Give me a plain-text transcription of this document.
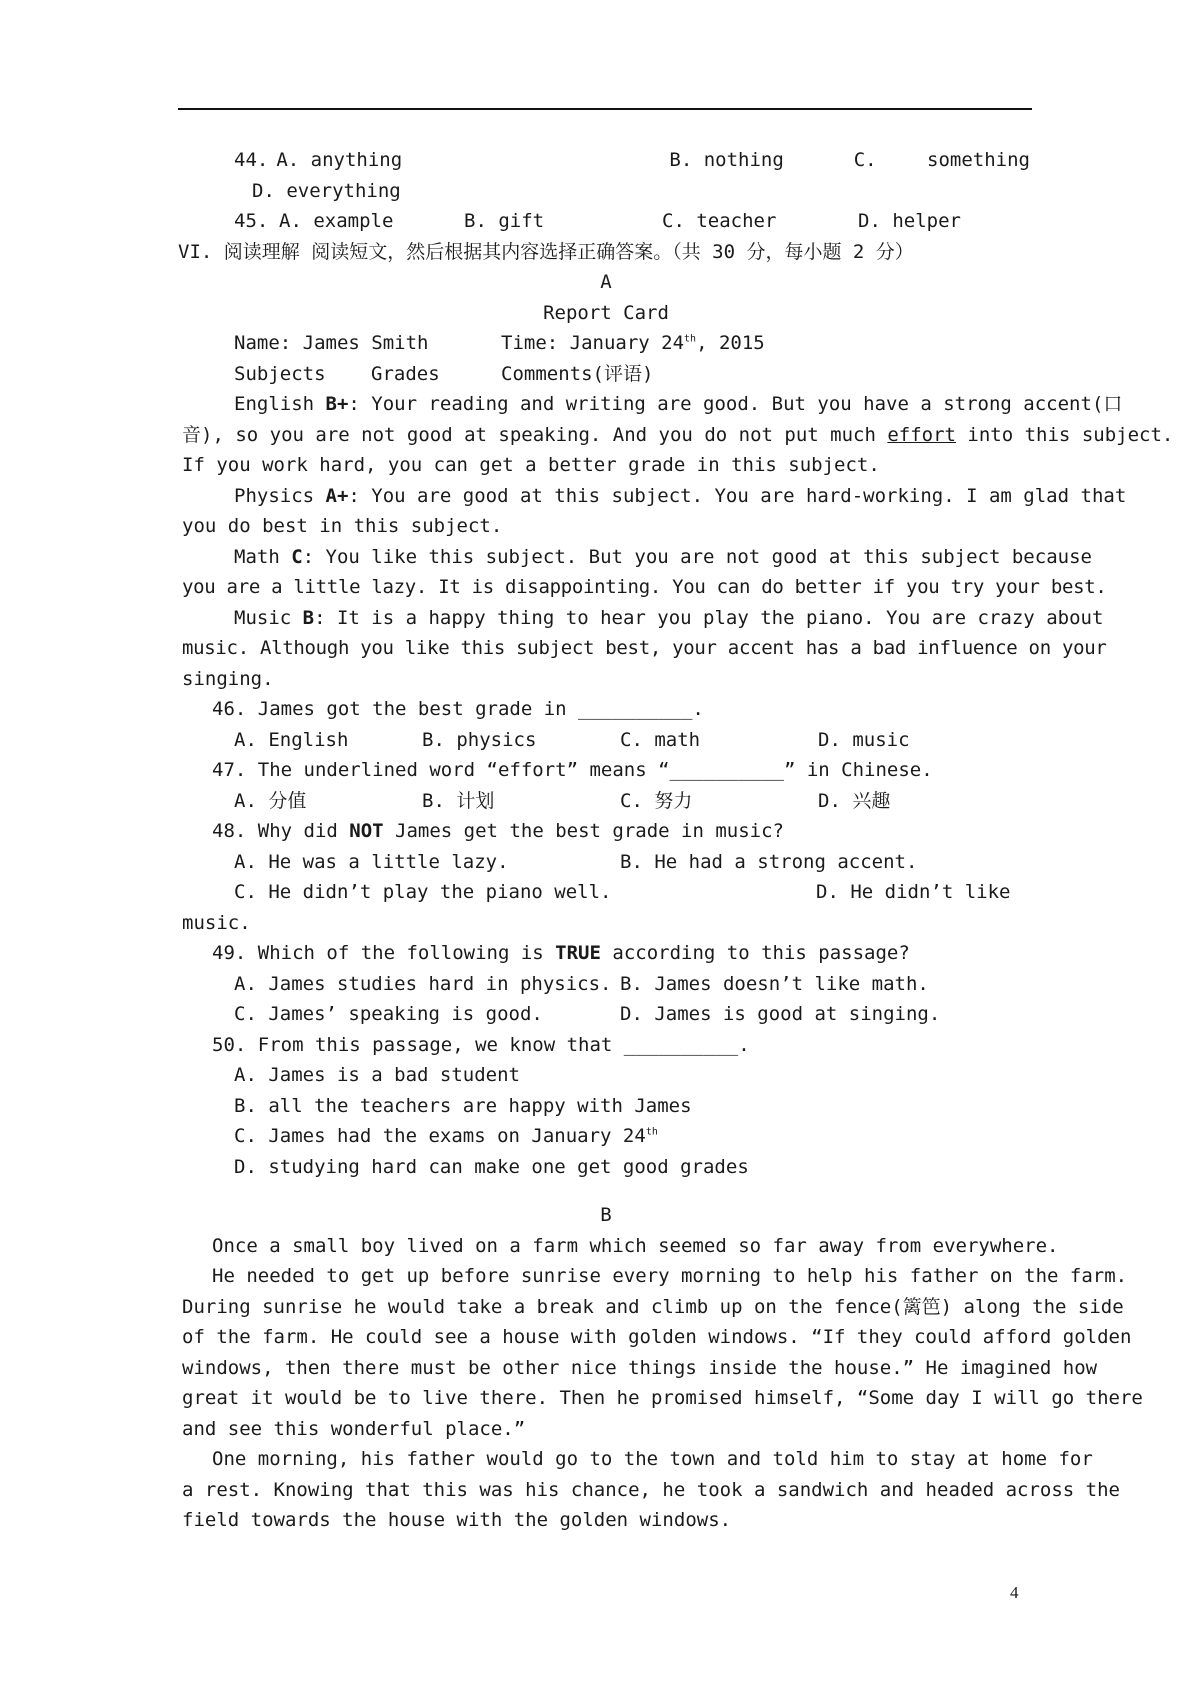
44. A. anything	B. nothing	C.	something
D. everything
45. A. example	B. gift	C. teacher	D. helper
VI. 阅读理解 阅读短文，然后根据其内容选择正确答案。（共 30 分，每小题 2 分）
A
Report Card
Name: James Smith	Time: January 24th, 2015
Subjects	Grades	Comments(评语)
English B+: Your reading and writing are good. But you have a strong accent(口
音), so you are not good at speaking. And you do not put much effort into this subject.
If you work hard, you can get a better grade in this subject.
Physics A+: You are good at this subject. You are hard-working. I am glad that
you do best in this subject.
Math C: You like this subject. But you are not good at this subject because
you are a little lazy. It is disappointing. You can do better if you try your best.
Music B: It is a happy thing to hear you play the piano. You are crazy about
music. Although you like this subject best, your accent has a bad influence on your
singing.
46. James got the best grade in __________.
A. English	B. physics	C. math	D. music
47. The underlined word “effort” means “__________” in Chinese.
A. 分值	B. 计划	C. 努力	D. 兴趣
48. Why did NOT James get the best grade in music?
A. He was a little lazy.	B. He had a strong accent.
C. He didn’t play the piano well.	D. He didn’t like
music.
49. Which of the following is TRUE according to this passage?
A. James studies hard in physics. B. James doesn’t like math.
C. James’ speaking is good.	D. James is good at singing.
50. From this passage, we know that __________.
A. James is a bad student
B. all the teachers are happy with James
C. James had the exams on January 24th
D. studying hard can make one get good grades
B
Once a small boy lived on a farm which seemed so far away from everywhere.
He needed to get up before sunrise every morning to help his father on the farm.
During sunrise he would take a break and climb up on the fence(篱笆) along the side
of the farm. He could see a house with golden windows. “If they could afford golden
windows, then there must be other nice things inside the house.” He imagined how
great it would be to live there. Then he promised himself, “Some day I will go there
and see this wonderful place.”
One morning, his father would go to the town and told him to stay at home for
a rest. Knowing that this was his chance, he took a sandwich and headed across the
field towards the house with the golden windows.
4
